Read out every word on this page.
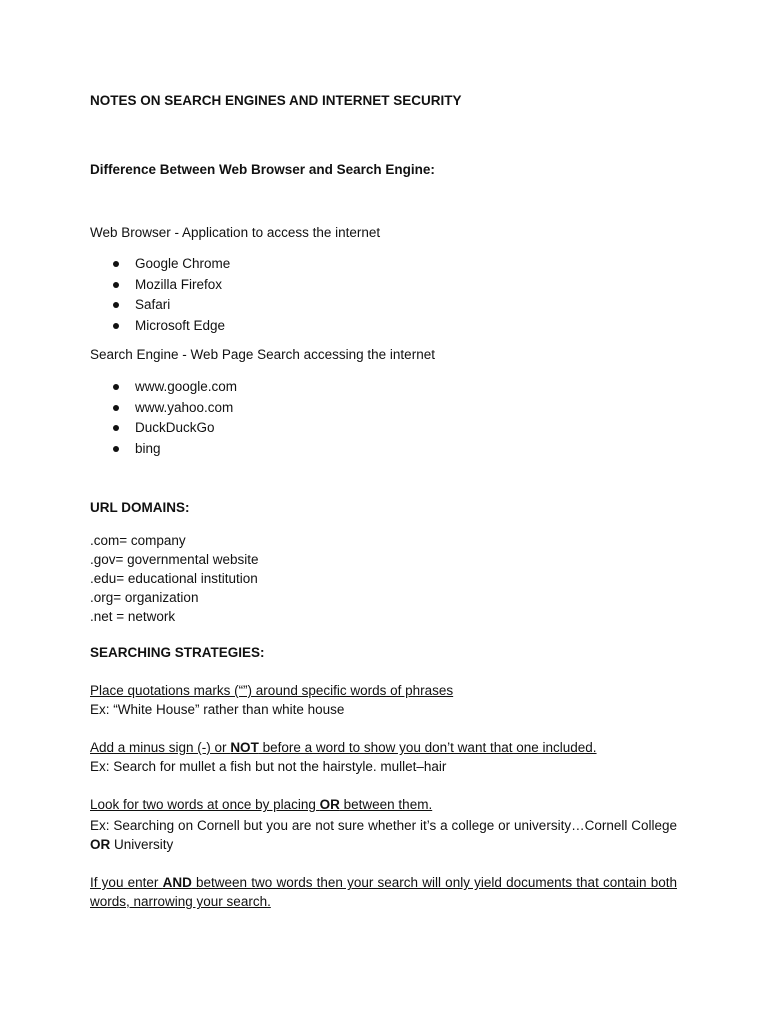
NOTES ON SEARCH ENGINES AND INTERNET SECURITY
Difference Between Web Browser and Search Engine:
Web Browser - Application to access the internet
Google Chrome
Mozilla Firefox
Safari
Microsoft Edge
Search Engine - Web Page Search accessing the internet
www.google.com
www.yahoo.com
DuckDuckGo
bing
URL DOMAINS:
.com= company
.gov= governmental website
.edu= educational institution
.org= organization
.net = network
SEARCHING STRATEGIES:
Place quotations marks (“”) around specific words of phrases
Ex: “White House” rather than white house
Add a minus sign (-) or NOT before a word to show you don’t want that one included.
Ex: Search for mullet a fish but not the hairstyle. mullet–hair
Look for two words at once by placing OR between them.
Ex: Searching on Cornell but you are not sure whether it’s a college or university…Cornell College OR University
If you enter AND between two words then your search will only yield documents that contain both words, narrowing your search.
